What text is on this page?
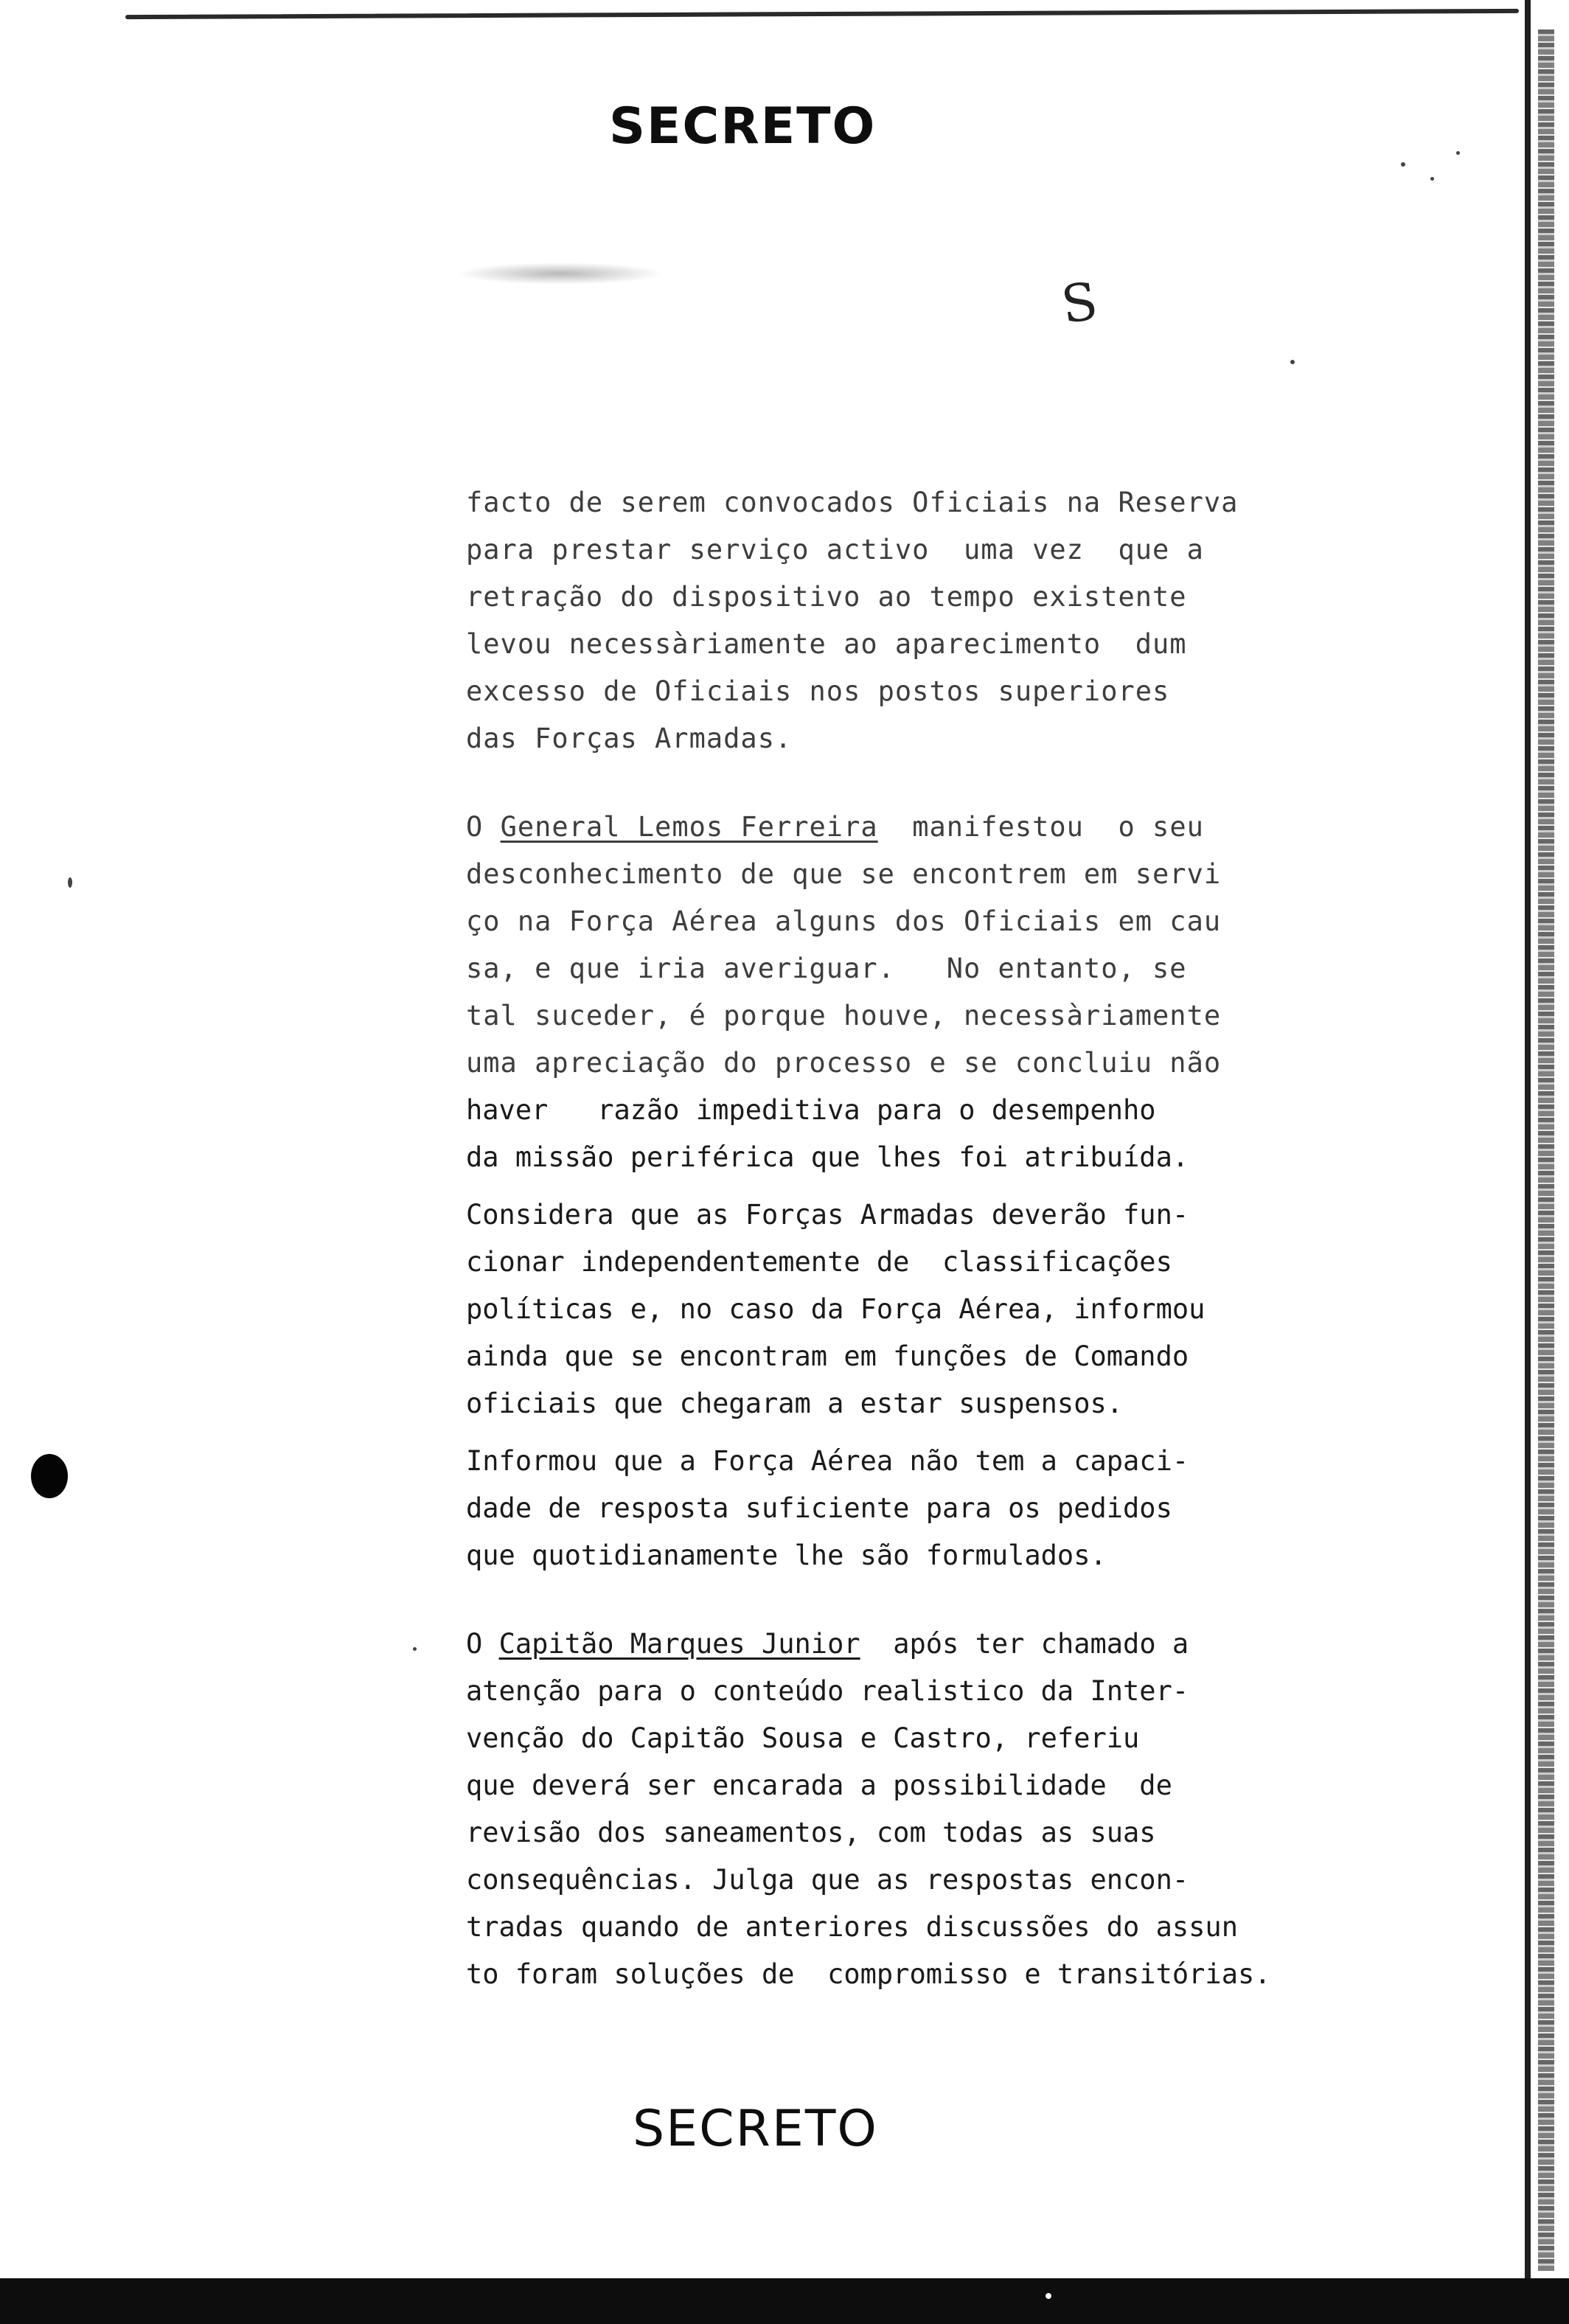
SECRETO
S
facto de serem convocados Oficiais na Reserva
para prestar serviço activo  uma vez  que a
retração do dispositivo ao tempo existente
levou necessàriamente ao aparecimento  dum
excesso de Oficiais nos postos superiores
das Forças Armadas.
O General Lemos Ferreira  manifestou  o seu
desconhecimento de que se encontrem em servi
ço na Força Aérea alguns dos Oficiais em cau
sa, e que iria averiguar.   No entanto, se
tal suceder, é porque houve, necessàriamente
uma apreciação do processo e se concluiu não
haver   razão impeditiva para o desempenho
da missão periférica que lhes foi atribuída.
Considera que as Forças Armadas deverão fun-
cionar independentemente de  classificações
políticas e, no caso da Força Aérea, informou
ainda que se encontram em funções de Comando
oficiais que chegaram a estar suspensos.
Informou que a Força Aérea não tem a capaci-
dade de resposta suficiente para os pedidos
que quotidianamente lhe são formulados.
O Capitão Marques Junior  após ter chamado a
atenção para o conteúdo realistico da Inter-
venção do Capitão Sousa e Castro, referiu
que deverá ser encarada a possibilidade  de
revisão dos saneamentos, com todas as suas
consequências. Julga que as respostas encon-
tradas quando de anteriores discussões do assun
to foram soluções de  compromisso e transitórias.
SECRETO
